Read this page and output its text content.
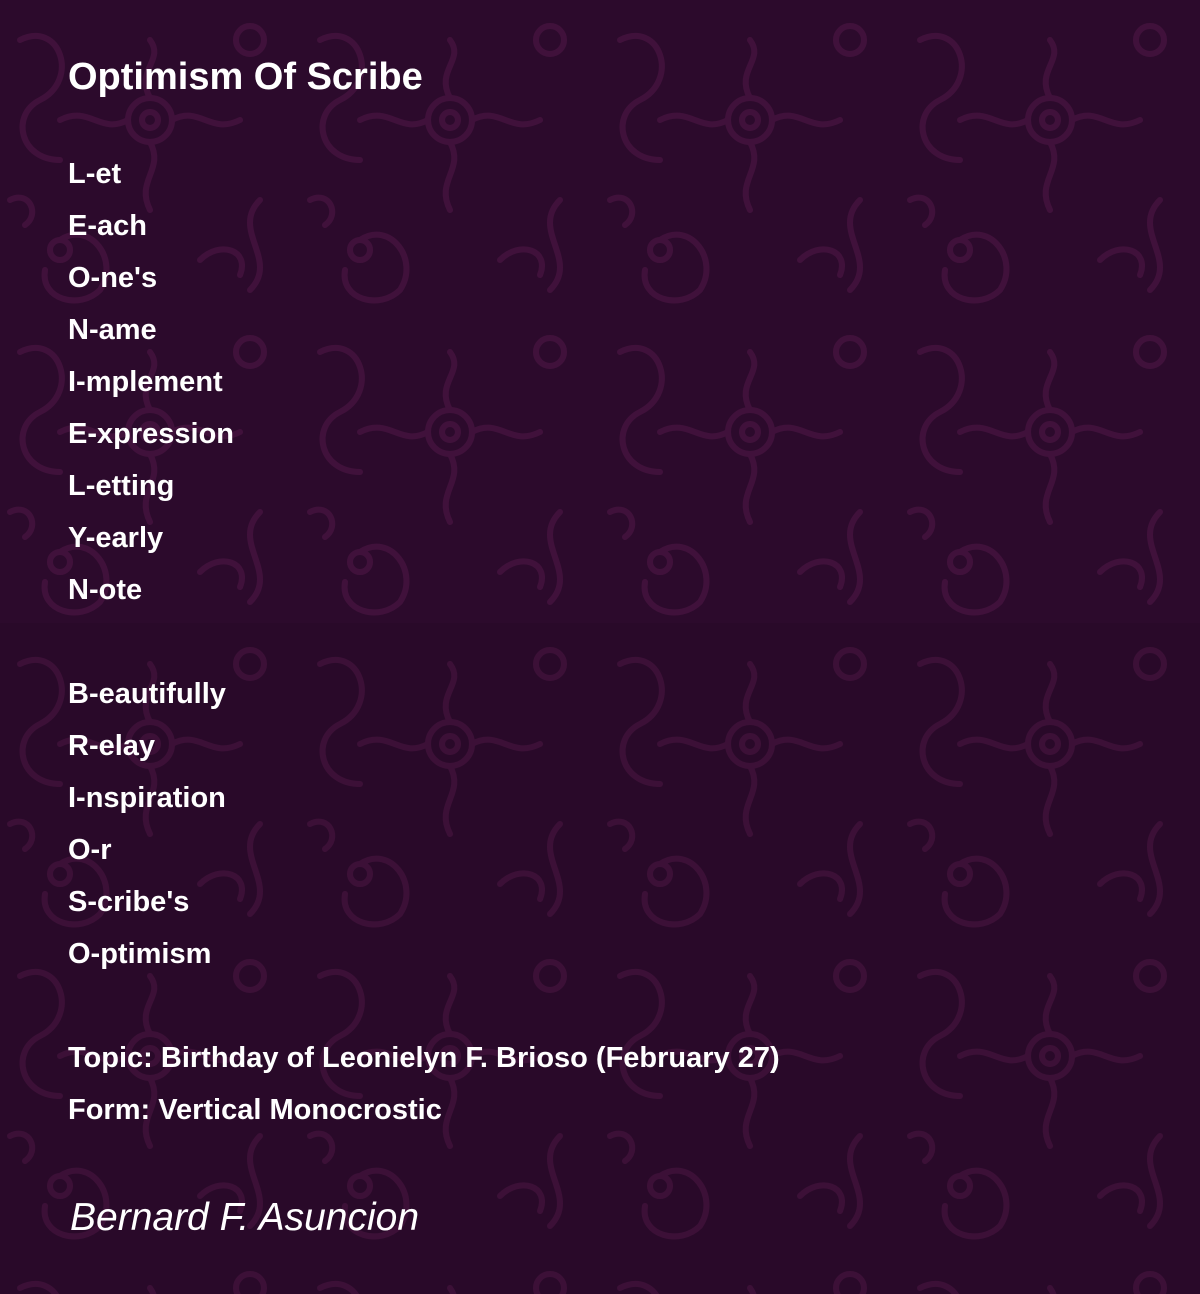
Optimism Of Scribe
L-et
E-ach
O-ne's
N-ame
I-mplement
E-xpression
L-etting
Y-early
N-ote
B-eautifully
R-elay
I-nspiration
O-r
S-cribe's
O-ptimism
Topic: Birthday of Leonielyn F. Brioso (February 27)
Form: Vertical Monocrostic
Bernard F. Asuncion
